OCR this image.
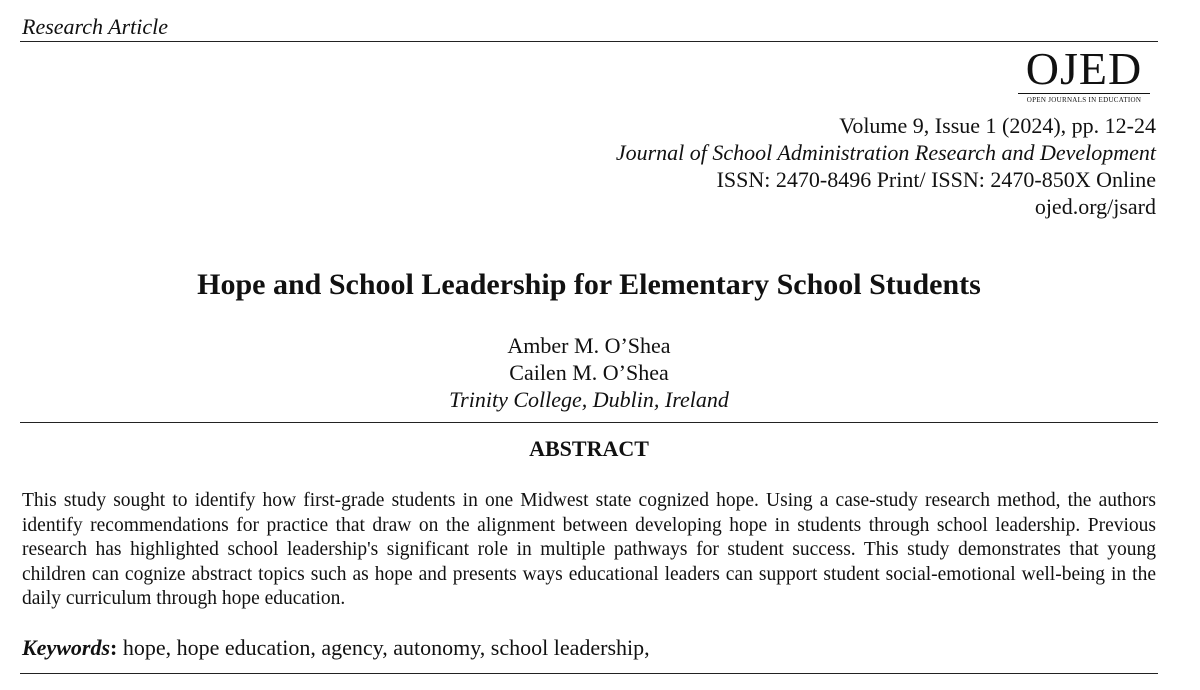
Research Article
OJED
OPEN JOURNALS IN EDUCATION
Volume 9, Issue 1 (2024), pp. 12-24
Journal of School Administration Research and Development
ISSN: 2470-8496 Print/ ISSN: 2470-850X Online
ojed.org/jsard
Hope and School Leadership for Elementary School Students
Amber M. O’Shea
Cailen M. O’Shea
Trinity College, Dublin, Ireland
ABSTRACT
This study sought to identify how first-grade students in one Midwest state cognized hope. Using a case-study research method, the authors identify recommendations for practice that draw on the alignment between developing hope in students through school leadership. Previous research has highlighted school leadership's significant role in multiple pathways for student success. This study demonstrates that young children can cognize abstract topics such as hope and presents ways educational leaders can support student social-emotional well-being in the daily curriculum through hope education.
Keywords: hope, hope education, agency, autonomy, school leadership,
